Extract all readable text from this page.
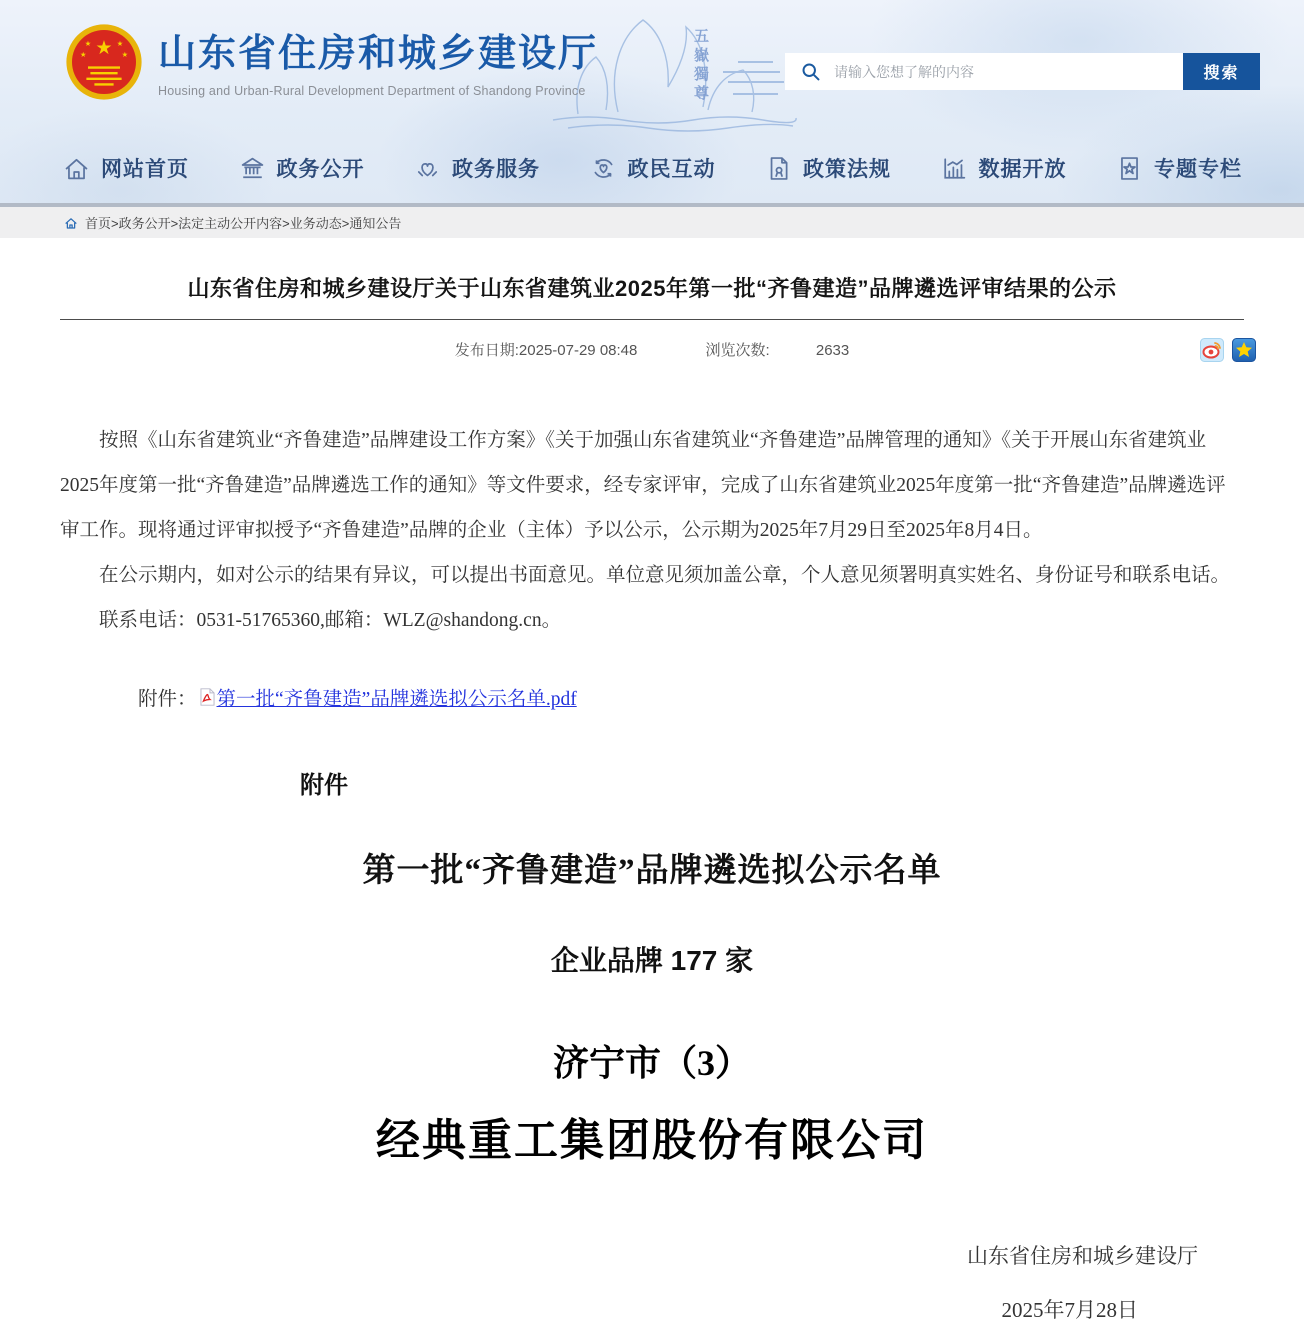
五嶽獨尊
★
★	★
★	★ 山东省住房和城乡建设厅
Housing and Urban-Rural Development Department of Shandong Province
请输入您想了解的内容
搜索
网站首页	政务公开	政务服务	政民互动	政策法规	数据开放	专题专栏
首页>政务公开>法定主动公开内容>业务动态>通知公告
山东省住房和城乡建设厅关于山东省建筑业2025年第一批“齐鲁建造”品牌遴选评审结果的公示
发布日期:2025-07-29 08:48	浏览次数:	2633

按照《山东省建筑业“齐鲁建造”品牌建设工作方案》《关于加强山东省建筑业“齐鲁建造”品牌管理的通知》《关于开展山东省建筑业2025年度第一批“齐鲁建造”品牌遴选工作的通知》等文件要求，经专家评审，完成了山东省建筑业2025年度第一批“齐鲁建造”品牌遴选评审工作。现将通过评审拟授予“齐鲁建造”品牌的企业（主体）予以公示，公示期为2025年7月29日至2025年8月4日。

在公示期内，如对公示的结果有异议，可以提出书面意见。单位意见须加盖公章，个人意见须署明真实姓名、身份证号和联系电话。

联系电话：0531-51765360,邮箱：WLZ@shandong.cn。

附件： 第一批“齐鲁建造”品牌遴选拟公示名单.pdf
附件
第一批“齐鲁建造”品牌遴选拟公示名单
企业品牌 177 家
济宁市（3）
经典重工集团股份有限公司
山东省住房和城乡建设厅
2025年7月28日
